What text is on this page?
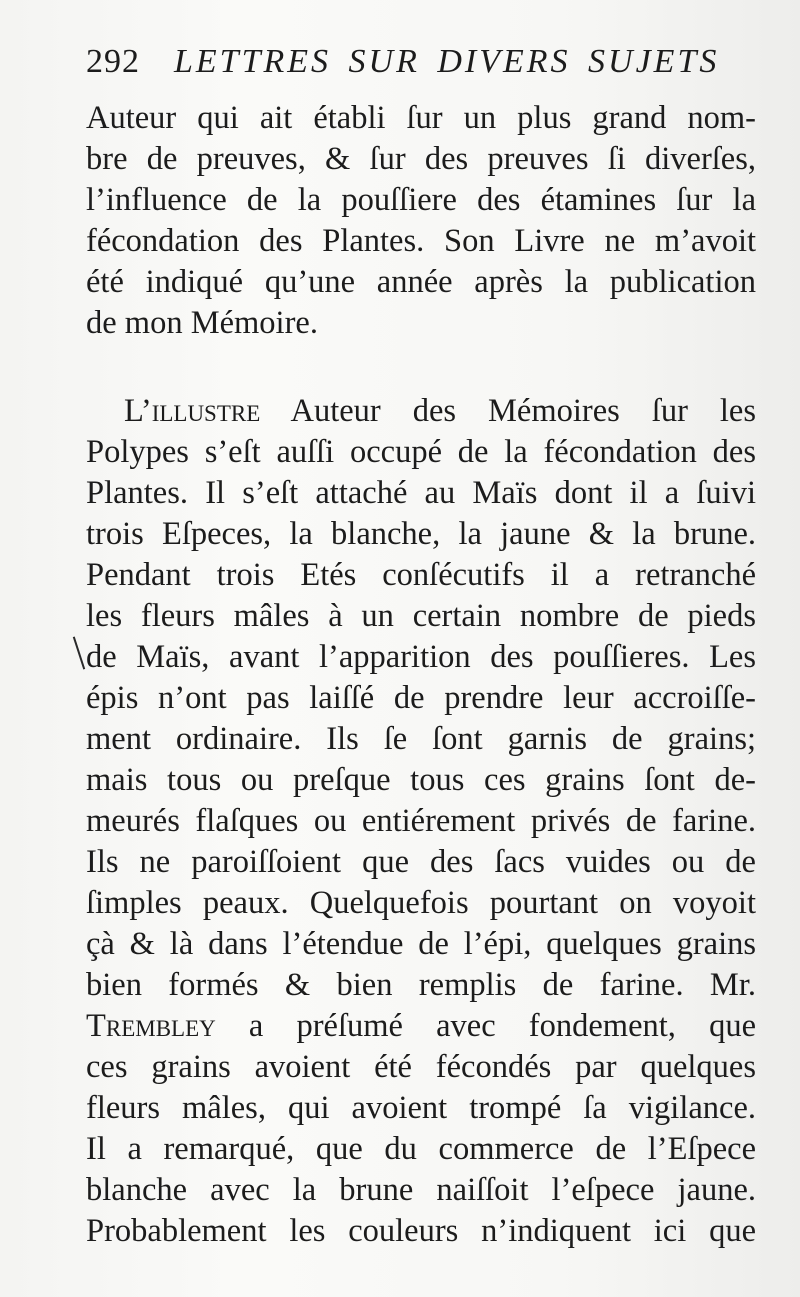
292 LETTRES SUR DIVERS SUJETS

Auteur qui ait établi ſur un plus grand nom-
bre de preuves, & ſur des preuves ſi diverſes,
l’influence de la pouſſiere des étamines ſur la
fécondation des Plantes. Son Livre ne m’avoit
été indiqué qu’une année après la publication
de mon Mémoire.

L’illustre Auteur des Mémoires ſur les
Polypes s’eſt auſſi occupé de la fécondation des
Plantes. Il s’eſt attaché au Maïs dont il a ſuivi
trois Eſpeces, la blanche, la jaune & la brune.
Pendant trois Etés conſécutifs il a retranché
les fleurs mâles à un certain nombre de pieds
de Maïs, avant l’apparition des pouſſieres. Les
épis n’ont pas laiſſé de prendre leur accroiſſe-
ment ordinaire. Ils ſe ſont garnis de grains;
mais tous ou preſque tous ces grains ſont de-
meurés flaſques ou entiérement privés de farine.
Ils ne paroiſſoient que des ſacs vuides ou de
ſimples peaux. Quelquefois pourtant on voyoit
çà & là dans l’étendue de l’épi, quelques grains
bien formés & bien remplis de farine. Mr.
Trembley a préſumé avec fondement, que
ces grains avoient été fécondés par quelques
fleurs mâles, qui avoient trompé ſa vigilance.
Il a remarqué, que du commerce de l’Eſpece
blanche avec la brune naiſſoit l’eſpece jaune.
Probablement les couleurs n’indiquent ici que
